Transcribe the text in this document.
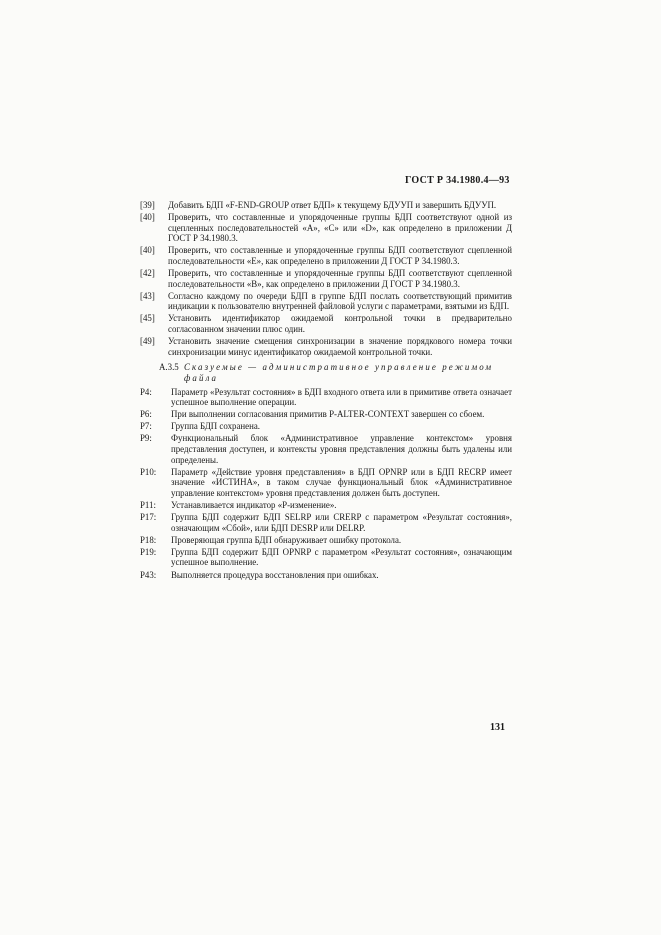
ГОСТ Р 34.1980.4—93
[39]	Добавить БДП «F-END-GROUP ответ БДП» к текущему БДУУП и завершить БДУУП.
[40]	Проверить, что составленные и упорядоченные группы БДП соответствуют одной из сцепленных последовательностей «А», «С» или «D», как определено в приложении Д ГОСТ Р 34.1980.3.
[40]	Проверить, что составленные и упорядоченные группы БДП соответствуют сцепленной последовательности «Е», как определено в приложении Д ГОСТ Р 34.1980.3.
[42]	Проверить, что составленные и упорядоченные группы БДП соответствуют сцепленной последовательности «В», как определено в приложении Д ГОСТ Р 34.1980.3.
[43]	Согласно каждому по очереди БДП в группе БДП послать соответствующий примитив индикации к пользователю внутренней файловой услуги с параметрами, взятыми из БДП.
[45]	Установить идентификатор ожидаемой контрольной точки в предварительно согласованном значении плюс один.
[49]	Установить значение смещения синхронизации в значение порядкового номера точки синхронизации минус идентификатор ожидаемой контрольной точки.
А.3.5 Сказуемые — административное управление режимом файла
P4:	Параметр «Результат состояния» в БДП входного ответа или в примитиве ответа означает успешное выполнение операции.
P6:	При выполнении согласования примитив P-ALTER-CONTEXT завершен со сбоем.
P7:	Группа БДП сохранена.
P9:	Функциональный блок «Административное управление контекстом» уровня представления доступен, и контексты уровня представления должны быть удалены или определены.
P10:	Параметр «Действие уровня представления» в БДП OPNRP или в БДП RECRP имеет значение «ИСТИНА», в таком случае функциональный блок «Административное управление контекстом» уровня представления должен быть доступен.
P11:	Устанавливается индикатор «Р-изменение».
P17:	Группа БДП содержит БДП SELRP или CRERP с параметром «Результат состояния», означающим «Сбой», или БДП DESRP или DELRP.
P18:	Проверяющая группа БДП обнаруживает ошибку протокола.
P19:	Группа БДП содержит БДП OPNRP с параметром «Результат состояния», означающим успешное выполнение.
P43:	Выполняется процедура восстановления при ошибках.
131
